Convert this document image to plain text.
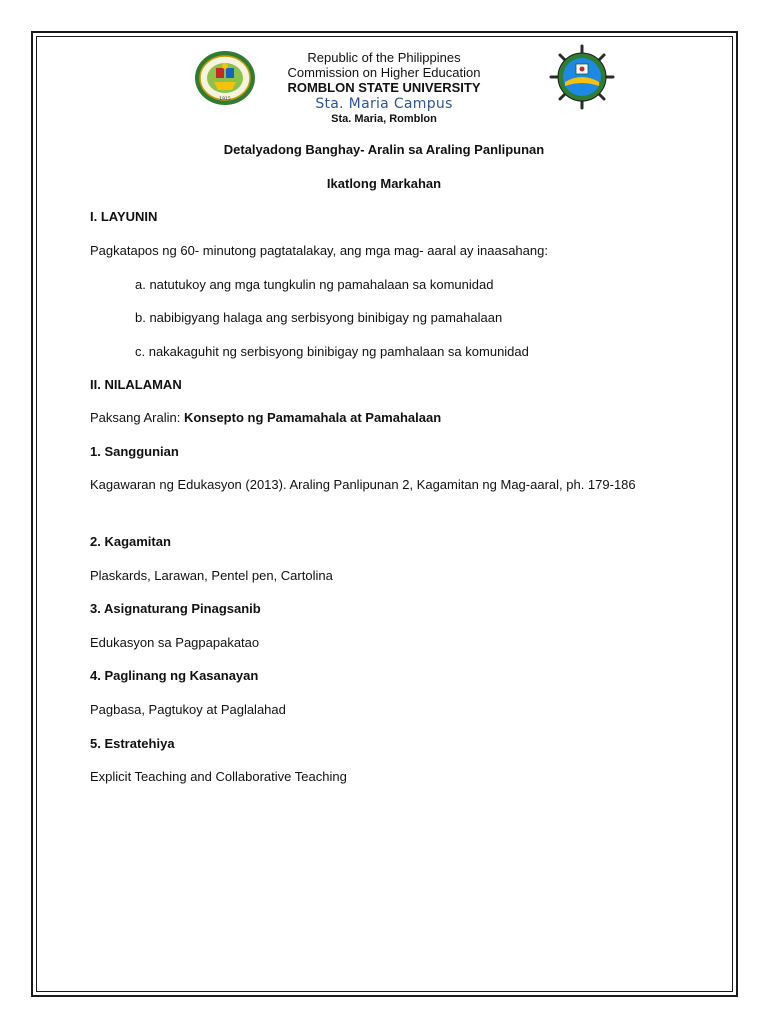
1915
Republic of the Philippines
Commission on Higher Education
ROMBLON STATE UNIVERSITY
Sta. Maria Campus
Sta. Maria, Romblon
Detalyadong Banghay- Aralin sa Araling Panlipunan
Ikatlong Markahan
I. LAYUNIN
Pagkatapos ng 60- minutong pagtatalakay, ang mga mag- aaral ay inaasahang:
a. natutukoy ang mga tungkulin ng pamahalaan sa komunidad
b. nabibigyang halaga ang serbisyong binibigay ng pamahalaan
c. nakakaguhit ng serbisyong binibigay ng pamhalaan sa komunidad
II. NILALAMAN
Paksang Aralin: Konsepto ng Pamamahala at Pamahalaan
1. Sanggunian
Kagawaran ng Edukasyon (2013). Araling Panlipunan 2, Kagamitan ng Mag-aaral, ph. 179-186
2. Kagamitan
Plaskards, Larawan, Pentel pen, Cartolina
3. Asignaturang Pinagsanib
Edukasyon sa Pagpapakatao
4. Paglinang ng Kasanayan
Pagbasa, Pagtukoy at Paglalahad
5. Estratehiya
Explicit Teaching and Collaborative Teaching
